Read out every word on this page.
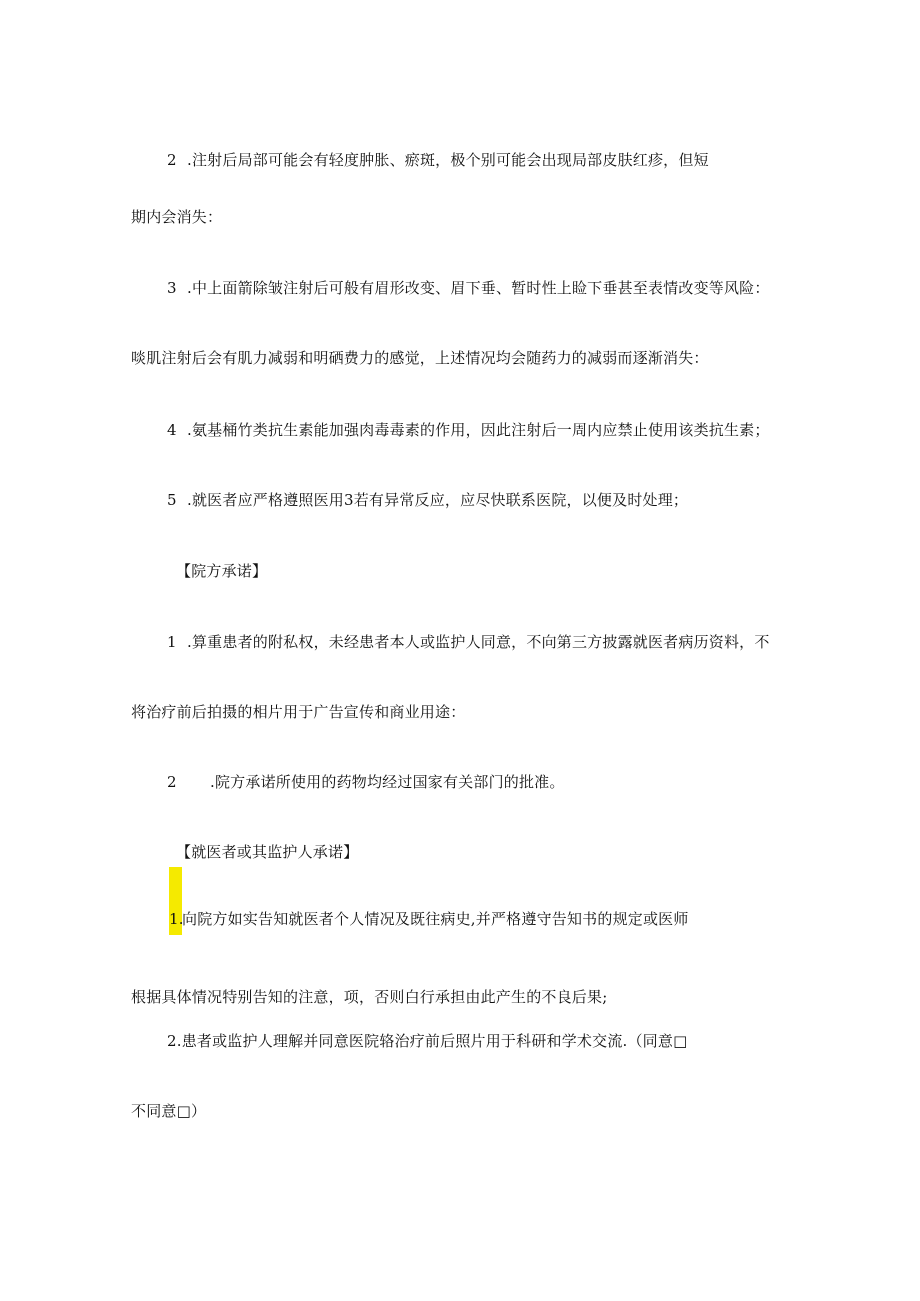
2 .注射后局部可能会有轻度肿胀、瘀斑，极个别可能会出现局部皮肤红疹，但短
期内会消失：
3 .中上面箭除皱注射后可般有眉形改变、眉下垂、暂时性上睑下垂甚至表情改变等风险：
啖肌注射后会有肌力减弱和明硒费力的感觉，上述情况均会随药力的减弱而逐渐消失：
4 .氨基桶竹类抗生素能加强肉毒毒素的作用，因此注射后一周内应禁止使用该类抗生素；
5 .就医者应严格遵照医用3若有异常反应，应尽快联系医院，以便及时处理；
【院方承诺】
1 .算重患者的附私权，未经患者本人或监护人同意，不向第三方披露就医者病历资料，不
将治疗前后拍摄的相片用于广告宣传和商业用途：
2 .院方承诺所使用的药物均经过国家有关部门的批准。
【就医者或其监护人承诺】
1.向院方如实告知就医者个人情况及既往病史,并严格遵守告知书的规定或医师
根据具体情况特别告知的注意，项，否则白行承担由此产生的不良后果;
2.患者或监护人理解并同意医院辂治疗前后照片用于科研和学术交流.（同意□
不同意□）
